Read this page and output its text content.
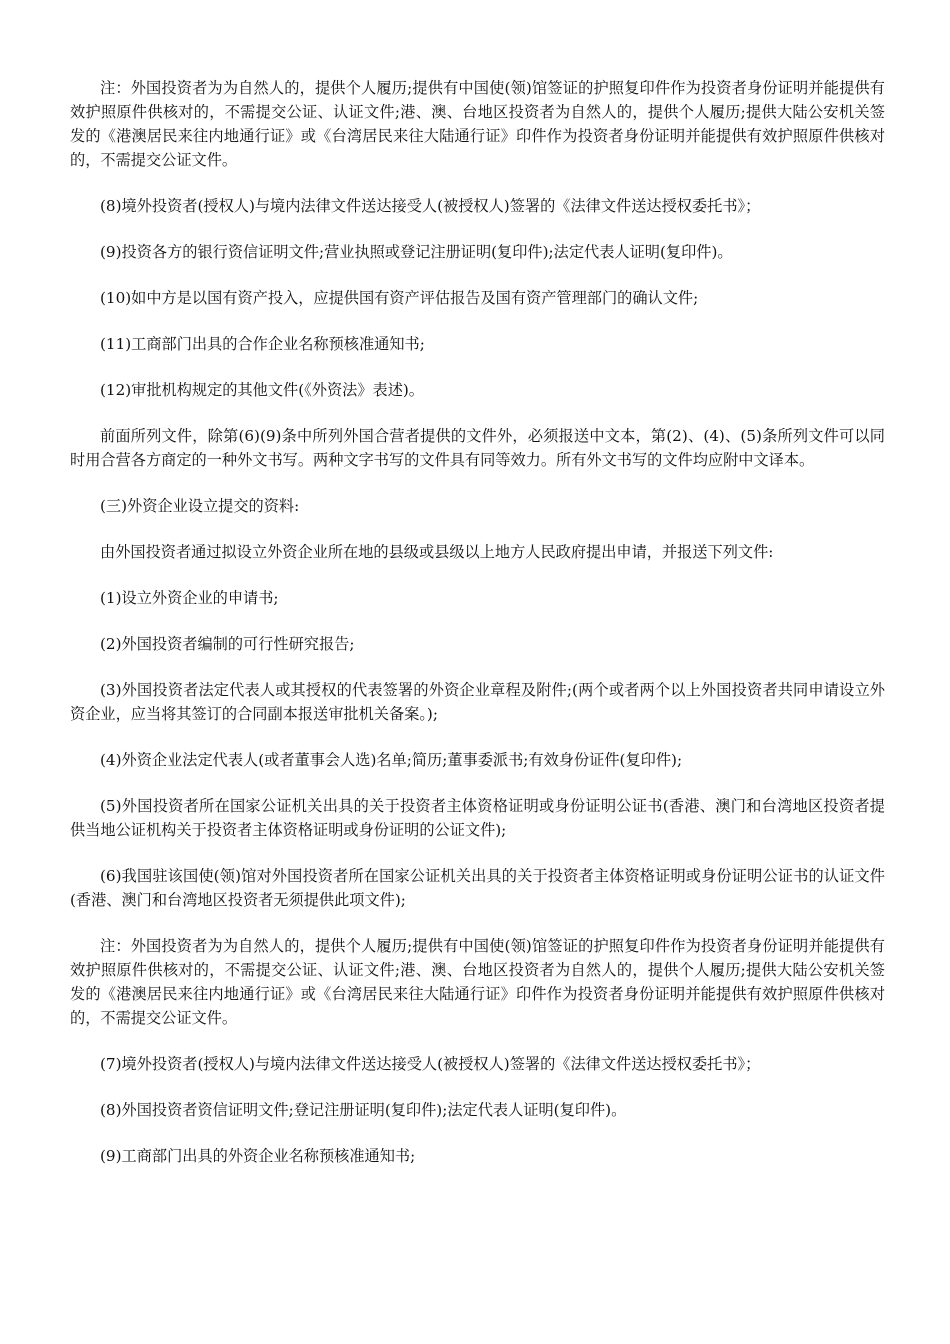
注：外国投资者为为自然人的，提供个人履历;提供有中国使(领)馆签证的护照复印件作为投资者身份证明并能提供有效护照原件供核对的，不需提交公证、认证文件;港、澳、台地区投资者为自然人的，提供个人履历;提供大陆公安机关签发的《港澳居民来往内地通行证》或《台湾居民来往大陆通行证》印件作为投资者身份证明并能提供有效护照原件供核对的，不需提交公证文件。

(8)境外投资者(授权人)与境内法律文件送达接受人(被授权人)签署的《法律文件送达授权委托书》；

(9)投资各方的银行资信证明文件;营业执照或登记注册证明(复印件);法定代表人证明(复印件)。

(10)如中方是以国有资产投入，应提供国有资产评估报告及国有资产管理部门的确认文件;

(11)工商部门出具的合作企业名称预核准通知书;

(12)审批机构规定的其他文件(《外资法》表述)。

前面所列文件，除第(6)(9)条中所列外国合营者提供的文件外，必须报送中文本，第(2)、(4)、(5)条所列文件可以同时用合营各方商定的一种外文书写。两种文字书写的文件具有同等效力。所有外文书写的文件均应附中文译本。

(三)外资企业设立提交的资料:

由外国投资者通过拟设立外资企业所在地的县级或县级以上地方人民政府提出申请，并报送下列文件:

(1)设立外资企业的申请书;

(2)外国投资者编制的可行性研究报告;

(3)外国投资者法定代表人或其授权的代表签署的外资企业章程及附件;(两个或者两个以上外国投资者共同申请设立外资企业，应当将其签订的合同副本报送审批机关备案。);

(4)外资企业法定代表人(或者董事会人选)名单;简历;董事委派书;有效身份证件(复印件);

(5)外国投资者所在国家公证机关出具的关于投资者主体资格证明或身份证明公证书(香港、澳门和台湾地区投资者提供当地公证机构关于投资者主体资格证明或身份证明的公证文件);

(6)我国驻该国使(领)馆对外国投资者所在国家公证机关出具的关于投资者主体资格证明或身份证明公证书的认证文件(香港、澳门和台湾地区投资者无须提供此项文件);

注：外国投资者为为自然人的，提供个人履历;提供有中国使(领)馆签证的护照复印件作为投资者身份证明并能提供有效护照原件供核对的，不需提交公证、认证文件;港、澳、台地区投资者为自然人的，提供个人履历;提供大陆公安机关签发的《港澳居民来往内地通行证》或《台湾居民来往大陆通行证》印件作为投资者身份证明并能提供有效护照原件供核对的，不需提交公证文件。

(7)境外投资者(授权人)与境内法律文件送达接受人(被授权人)签署的《法律文件送达授权委托书》；

(8)外国投资者资信证明文件;登记注册证明(复印件);法定代表人证明(复印件)。

(9)工商部门出具的外资企业名称预核准通知书;
